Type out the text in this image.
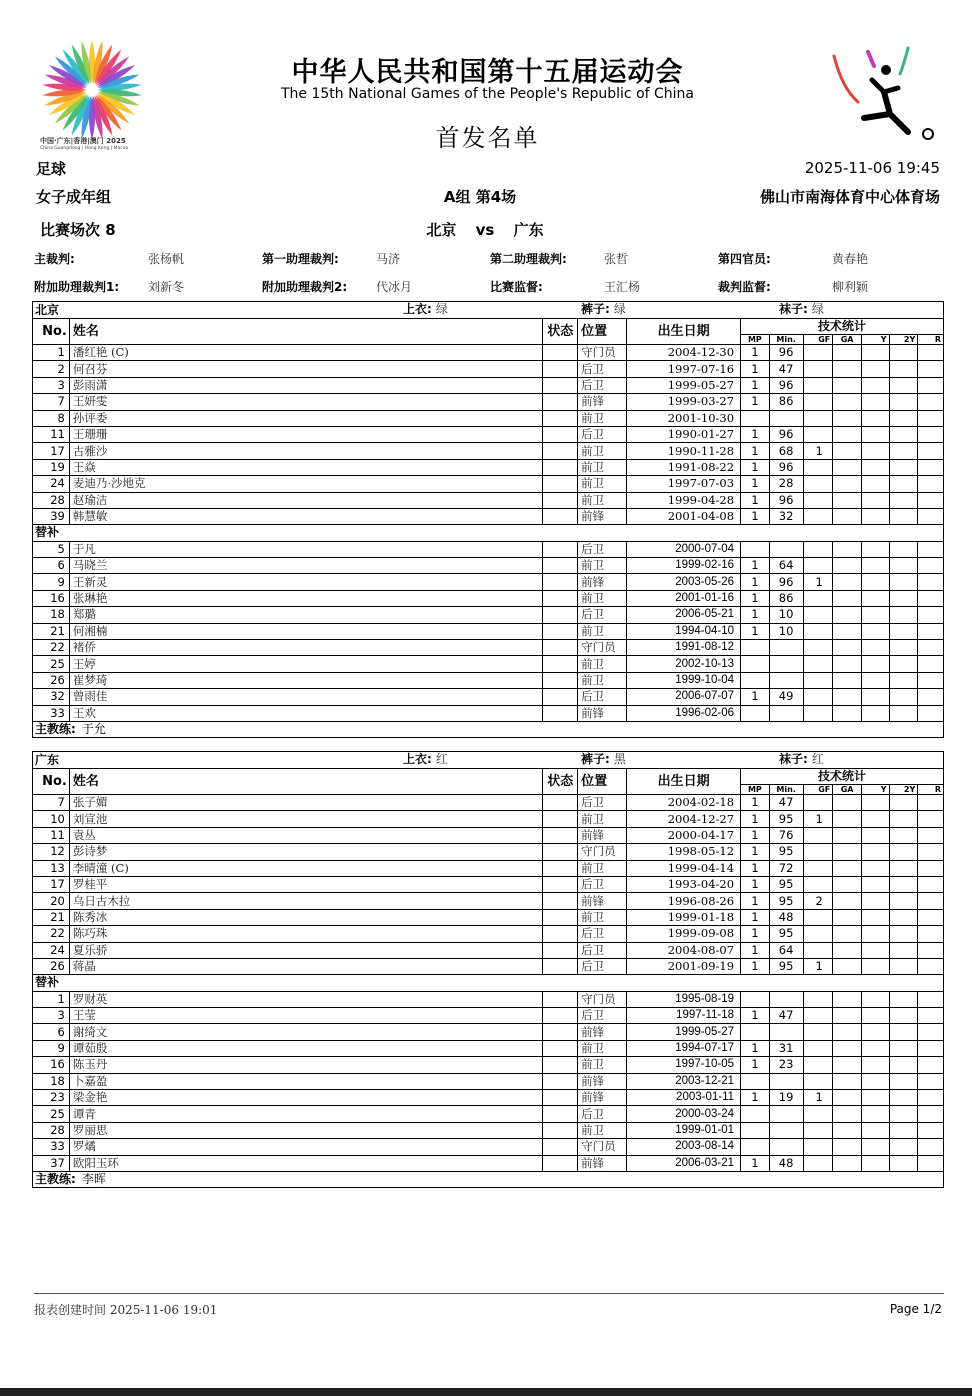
中国·广东|香港|澳门 2025
China Guangdong | Hong Kong | Macao
中华人民共和国第十五届运动会
The 15th National Games of the People's Republic of China
首发名单
足球	2025-11-06 19:45
女子成年组	A组 第4场	佛山市南海体育中心体育场
比赛场次 8	北京 vs 广东
主裁判:	张杨帆	第一助理裁判:	马济	第二助理裁判:	张哲	第四官员:	黄春艳
附加助理裁判1: 刘新冬	附加助理裁判2: 代冰月	比赛监督:	王汇杨	裁判监督:	柳利颖
北京 上衣: 绿 裤子: 绿 袜子: 绿											

No.	姓名	状态	位置	出生日期	技术统计						
					MP	Min.	GF	GA	Y	2Y	R
1	潘红艳 (C)		守门员	2004-12-30	1	96					
2	何召芬		后卫	1997-07-16	1	47					
3	彭雨潇		后卫	1999-05-27	1	96					
7	王妍雯		前锋	1999-03-27	1	86					
8	孙评委		前卫	2001-10-30							
11	王珊珊		后卫	1990-01-27	1	96					
17	古雅沙		前卫	1990-11-28	1	68	1				
19	王焱		前卫	1991-08-22	1	96					
24	麦迪乃·沙地克		前卫	1997-07-03	1	28					
28	赵瑜洁		前卫	1999-04-28	1	96					
39	韩慧敏		前锋	2001-04-08	1	32					
替补											
5	于凡		后卫	2000-07-04							
6	马晓兰		前卫	1999-02-16	1	64					
9	王新灵		前锋	2003-05-26	1	96	1				
16	张琳艳		前卫	2001-01-16	1	86					
18	郑璐		后卫	2006-05-21	1	10					
21	何湘楠		前卫	1994-04-10	1	10					
22	褚侨		守门员	1991-08-12							
25	王婷		前卫	2002-10-13							
26	崔梦琦		前卫	1999-10-04							
32	曾雨佳		后卫	2006-07-07	1	49					
33	王欢		前锋	1996-02-06							
主教练: 于允											
广东 上衣: 红 裤子: 黑 袜子: 红											

No.	姓名	状态	位置	出生日期	技术统计						
					MP	Min.	GF	GA	Y	2Y	R
7	张子媚		后卫	2004-02-18	1	47					
10	刘宣池		前卫	2004-12-27	1	95	1				
11	袁丛		前锋	2000-04-17	1	76					
12	彭诗梦		守门员	1998-05-12	1	95					
13	李晴潼 (C)		前卫	1999-04-14	1	72					
17	罗桂平		后卫	1993-04-20	1	95					
20	乌日古木拉		前锋	1996-08-26	1	95	2				
21	陈秀冰		前卫	1999-01-18	1	48					
22	陈巧珠		后卫	1999-09-08	1	95					
24	夏乐骄		后卫	2004-08-07	1	64					
26	蒋晶		后卫	2001-09-19	1	95	1				
替补											
1	罗财英		守门员	1995-08-19							
3	王莹		后卫	1997-11-18	1	47					
6	谢绮文		前锋	1999-05-27							
9	谭茹殷		前卫	1994-07-17	1	31					
16	陈玉丹		前卫	1997-10-05	1	23					
18	卜嘉盈		前锋	2003-12-21							
23	梁金艳		前锋	2003-01-11	1	19	1				
25	谭青		后卫	2000-03-24							
28	罗丽思		前卫	1999-01-01							
33	罗燏		守门员	2003-08-14							
37	欧阳玉环		前锋	2006-03-21	1	48					
主教练: 李晖											
报表创建时间 2025-11-06 19:01	Page 1/2
